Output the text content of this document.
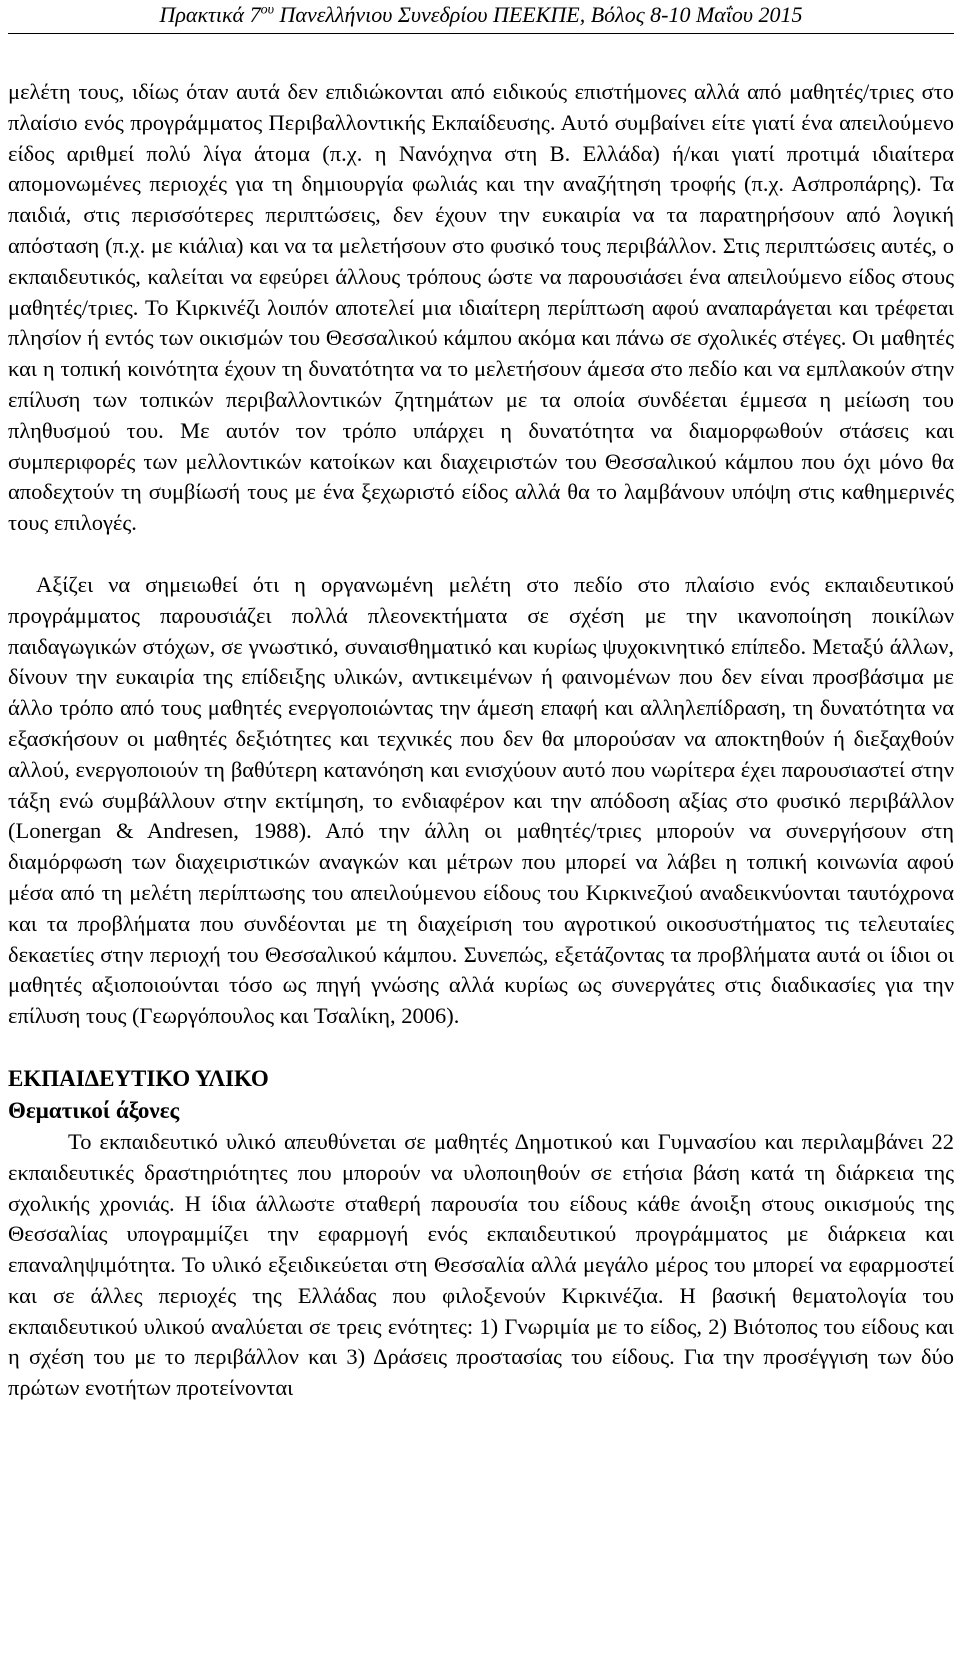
Πρακτικά $7^{o\upsilon}$ Πανελλήνιου Συνεδρίου ΠΕΕΚΠΕ, Βόλος 8-10 Μαΐου 2015

μελέτη τους, ιδίως όταν αυτά δεν επιδιώκονται από ειδικούς επιστήμονες αλλά από μαθητές/τριες στο πλαίσιο ενός προγράμματος Περιβαλλοντικής Εκπαίδευσης. Αυτό συμβαίνει είτε γιατί ένα απειλούμενο είδος αριθμεί πολύ λίγα άτομα (π.χ. η Νανόχηνα στη Β. Ελλάδα) ή/και γιατί προτιμά ιδιαίτερα απομονωμένες περιοχές για τη δημιουργία φωλιάς και την αναζήτηση τροφής (π.χ. Ασπροπάρης). Τα παιδιά, στις περισσότερες περιπτώσεις, δεν έχουν την ευκαιρία να τα παρατηρήσουν από λογική απόσταση (π.χ. με κιάλια) και να τα μελετήσουν στο φυσικό τους περιβάλλον. Στις περιπτώσεις αυτές, ο εκπαιδευτικός, καλείται να εφεύρει άλλους τρόπους ώστε να παρουσιάσει ένα απειλούμενο είδος στους μαθητές/τριες. Το Κιρκινέζι λοιπόν αποτελεί μια ιδιαίτερη περίπτωση αφού αναπαράγεται και τρέφεται πλησίον ή εντός των οικισμών του Θεσσαλικού κάμπου ακόμα και πάνω σε σχολικές στέγες. Οι μαθητές και η τοπική κοινότητα έχουν τη δυνατότητα να το μελετήσουν άμεσα στο πεδίο και να εμπλακούν στην επίλυση των τοπικών περιβαλλοντικών ζητημάτων με τα οποία συνδέεται έμμεσα η μείωση του πληθυσμού του. Με αυτόν τον τρόπο υπάρχει η δυνατότητα να διαμορφωθούν στάσεις και συμπεριφορές των μελλοντικών κατοίκων και διαχειριστών του Θεσσαλικού κάμπου που όχι μόνο θα αποδεχτούν τη συμβίωσή τους με ένα ξεχωριστό είδος αλλά θα το λαμβάνουν υπόψη στις καθημερινές τους επιλογές.

Αξίζει να σημειωθεί ότι η οργανωμένη μελέτη στο πεδίο στο πλαίσιο ενός εκπαιδευτικού προγράμματος παρουσιάζει πολλά πλεονεκτήματα σε σχέση με την ικανοποίηση ποικίλων παιδαγωγικών στόχων, σε γνωστικό, συναισθηματικό και κυρίως ψυχοκινητικό επίπεδο. Μεταξύ άλλων, δίνουν την ευκαιρία της επίδειξης υλικών, αντικειμένων ή φαινομένων που δεν είναι προσβάσιμα με άλλο τρόπο από τους μαθητές ενεργοποιώντας την άμεση επαφή και αλληλεπίδραση, τη δυνατότητα να εξασκήσουν οι μαθητές δεξιότητες και τεχνικές που δεν θα μπορούσαν να αποκτηθούν ή διεξαχθούν αλλού, ενεργοποιούν τη βαθύτερη κατανόηση και ενισχύουν αυτό που νωρίτερα έχει παρουσιαστεί στην τάξη ενώ συμβάλλουν στην εκτίμηση, το ενδιαφέρον και την απόδοση αξίας στο φυσικό περιβάλλον (Lonergan & Andresen, 1988). Από την άλλη οι μαθητές/τριες μπορούν να συνεργήσουν στη διαμόρφωση των διαχειριστικών αναγκών και μέτρων που μπορεί να λάβει η τοπική κοινωνία αφού μέσα από τη μελέτη περίπτωσης του απειλούμενου είδους του Κιρκινεζιού αναδεικνύονται ταυτόχρονα και τα προβλήματα που συνδέονται με τη διαχείριση του αγροτικού οικοσυστήματος τις τελευταίες δεκαετίες στην περιοχή του Θεσσαλικού κάμπου. Συνεπώς, εξετάζοντας τα προβλήματα αυτά οι ίδιοι οι μαθητές αξιοποιούνται τόσο ως πηγή γνώσης αλλά κυρίως ως συνεργάτες στις διαδικασίες για την επίλυση τους (Γεωργόπουλος και Τσαλίκη, 2006).

ΕΚΠΑΙΔΕΥΤΙΚΟ ΥΛΙΚΟ
Θεματικοί άξονες

Το εκπαιδευτικό υλικό απευθύνεται σε μαθητές Δημοτικού και Γυμνασίου και περιλαμβάνει 22 εκπαιδευτικές δραστηριότητες που μπορούν να υλοποιηθούν σε ετήσια βάση κατά τη διάρκεια της σχολικής χρονιάς. Η ίδια άλλωστε σταθερή παρουσία του είδους κάθε άνοιξη στους οικισμούς της Θεσσαλίας υπογραμμίζει την εφαρμογή ενός εκπαιδευτικού προγράμματος με διάρκεια και επαναληψιμότητα. Το υλικό εξειδικεύεται στη Θεσσαλία αλλά μεγάλο μέρος του μπορεί να εφαρμοστεί και σε άλλες περιοχές της Ελλάδας που φιλοξενούν Κιρκινέζια. Η βασική θεματολογία του εκπαιδευτικού υλικού αναλύεται σε τρεις ενότητες: 1) Γνωριμία με το είδος, 2) Βιότοπος του είδους και η σχέση του με το περιβάλλον και 3) Δράσεις προστασίας του είδους. Για την προσέγγιση των δύο πρώτων ενοτήτων προτείνονται
